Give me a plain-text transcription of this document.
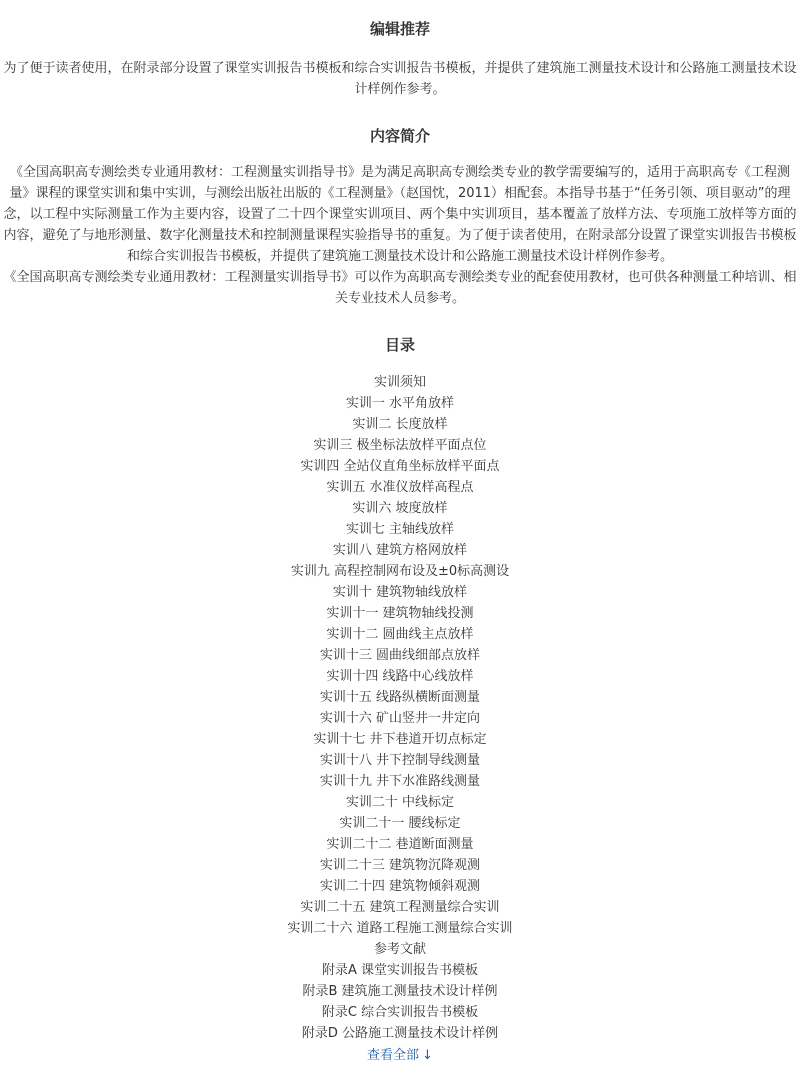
编辑推荐

为了便于读者使用，在附录部分设置了课堂实训报告书模板和综合实训报告书模板，并提供了建筑施工测量技术设计和公路施工测量技术设计样例作参考。

内容简介

《全国高职高专测绘类专业通用教材：工程测量实训指导书》是为满足高职高专测绘类专业的教学需要编写的，适用于高职高专《工程测量》课程的课堂实训和集中实训，与测绘出版社出版的《工程测量》（赵国忱，2011）相配套。本指导书基于“任务引领、项目驱动”的理念，以工程中实际测量工作为主要内容，设置了二十四个课堂实训项目、两个集中实训项目，基本覆盖了放样方法、专项施工放样等方面的内容，避免了与地形测量、数字化测量技术和控制测量课程实验指导书的重复。为了便于读者使用，在附录部分设置了课堂实训报告书模板和综合实训报告书模板，并提供了建筑施工测量技术设计和公路施工测量技术设计样例作参考。

《全国高职高专测绘类专业通用教材：工程测量实训指导书》可以作为高职高专测绘类专业的配套使用教材，也可供各种测量工种培训、相关专业技术人员参考。

目录
实训须知
实训一 水平角放样
实训二 长度放样
实训三 极坐标法放样平面点位
实训四 全站仪直角坐标放样平面点
实训五 水准仪放样高程点
实训六 坡度放样
实训七 主轴线放样
实训八 建筑方格网放样
实训九 高程控制网布设及±0标高测设
实训十 建筑物轴线放样
实训十一 建筑物轴线投测
实训十二 圆曲线主点放样
实训十三 圆曲线细部点放样
实训十四 线路中心线放样
实训十五 线路纵横断面测量
实训十六 矿山竖井一井定向
实训十七 井下巷道开切点标定
实训十八 井下控制导线测量
实训十九 井下水准路线测量
实训二十 中线标定
实训二十一 腰线标定
实训二十二 巷道断面测量
实训二十三 建筑物沉降观测
实训二十四 建筑物倾斜观测
实训二十五 建筑工程测量综合实训
实训二十六 道路工程施工测量综合实训
参考文献
附录A 课堂实训报告书模板
附录B 建筑施工测量技术设计样例
附录C 综合实训报告书模板
附录D 公路施工测量技术设计样例
查看全部 ↓
